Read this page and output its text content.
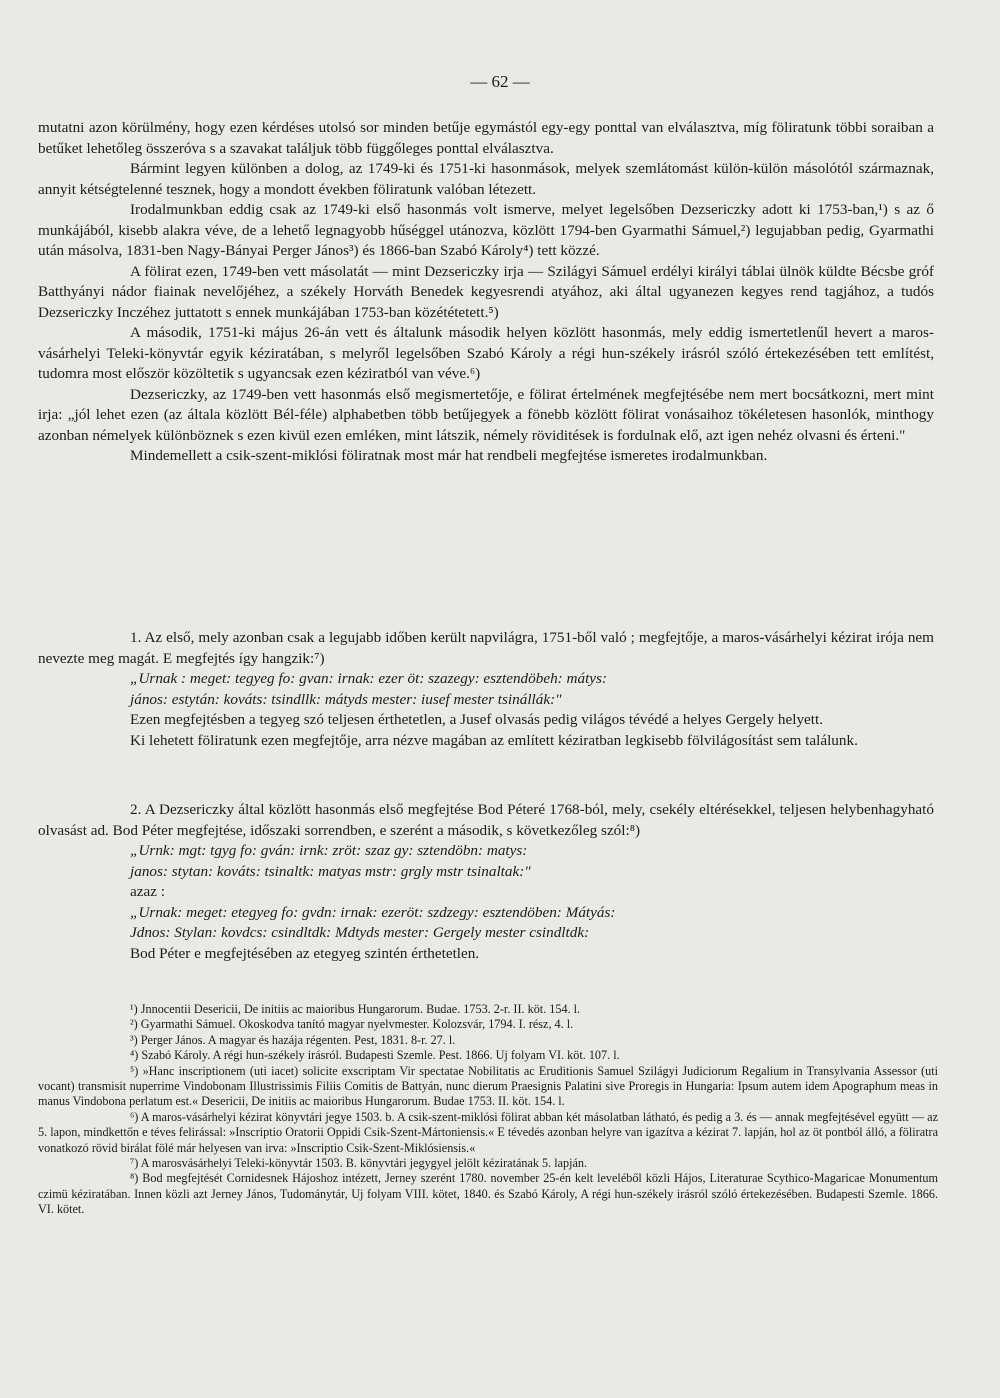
— 62 —

mutatni azon körülmény, hogy ezen kérdéses utolsó sor minden betűje egymástól egy-egy ponttal van elválasztva, míg föliratunk többi soraiban a betűket lehetőleg összeróva s a szavakat találjuk több függőleges ponttal elválasztva.

Bármint legyen különben a dolog, az 1749-ki és 1751-ki hasonmások, melyek szemlátomást külön-külön másolótól származnak, annyit kétségtelenné tesznek, hogy a mondott években föliratunk valóban létezett.

Irodalmunkban eddig csak az 1749-ki első hasonmás volt ismerve, melyet legelsőben Dezsericzky adott ki 1753-ban,¹) s az ő munkájából, kisebb alakra véve, de a lehető legnagyobb hűséggel utánozva, közlött 1794-ben Gyarmathi Sámuel,²) legujabban pedig, Gyarmathi után másolva, 1831-ben Nagy-Bányai Perger János³) és 1866-ban Szabó Károly⁴) tett közzé.

A fölirat ezen, 1749-ben vett másolatát — mint Dezsericzky irja — Szilágyi Sámuel erdélyi királyi táblai ülnök küldte Bécsbe gróf Batthyányi nádor fiainak nevelőjéhez, a székely Horváth Benedek kegyesrendi atyához, aki által ugyanezen kegyes rend tagjához, a tudós Dezsericzky Inczéhez juttatott s ennek munkájában 1753-ban közététetett.⁵)

A második, 1751-ki május 26-án vett és általunk második helyen közlött hasonmás, mely eddig ismertetlenűl hevert a maros-vásárhelyi Teleki-könyvtár egyik kéziratában, s melyről legelsőben Szabó Károly a régi hun-székely irásról szóló értekezésében tett említést, tudomra most először közöltetik s ugyancsak ezen kéziratból van véve.⁶)

Dezsericzky, az 1749-ben vett hasonmás első megismertetője, e fölirat értelmének megfejtésébe nem mert bocsátkozni, mert mint irja: „jól lehet ezen (az általa közlött Bél-féle) alphabetben több betűjegyek a fönebb közlött fölirat vonásaihoz tökéletesen hasonlók, minthogy azonban némelyek különböznek s ezen kivül ezen emléken, mint látszik, némely röviditések is fordulnak elő, azt igen nehéz olvasni és érteni."

Mindemellett a csik-szent-miklósi föliratnak most már hat rendbeli megfejtése ismeretes irodalmunkban.

1. Az első, mely azonban csak a legujabb időben került napvilágra, 1751-ből való ; megfejtője, a maros-vásárhelyi kézirat irója nem nevezte meg magát. E megfejtés így hangzik:⁷)

„Urnak : meget: tegyeg fo: gvan: irnak: ezer öt: szazegy: esztendöbeh: mátys:

jános: estytán: kováts: tsindllk: mátyds mester: iusef mester tsinállák:"

Ezen megfejtésben a tegyeg szó teljesen érthetetlen, a Jusef olvasás pedig világos tévédé a helyes Gergely helyett.

Ki lehetett föliratunk ezen megfejtője, arra nézve magában az említett kéziratban legkisebb fölvilágosítást sem találunk.

2. A Dezsericzky által közlött hasonmás első megfejtése Bod Péteré 1768-ból, mely, csekély eltérésekkel, teljesen helybenhagyható olvasást ad. Bod Péter megfejtése, időszaki sorrendben, e szerént a második, s következőleg szól:⁸)

„Urnk: mgt: tgyg fo: gván: irnk: zröt: szaz gy: sztendöbn: matys:

janos: stytan: kováts: tsinaltk: matyas mstr: grgly mstr tsinaltak:"

azaz :

„Urnak: meget: etegyeg fo: gvdn: irnak: ezeröt: szdzegy: esztendöben: Mátyás:

Jdnos: Stylan: kovdcs: csindltdk: Mdtyds mester: Gergely mester csindltdk:

Bod Péter e megfejtésében az etegyeg szintén érthetetlen.

¹) Jnnocentii Desericii, De initiis ac maioribus Hungarorum. Budae. 1753. 2-r. II. köt. 154. l.

²) Gyarmathi Sámuel. Okoskodva tanító magyar nyelvmester. Kolozsvár, 1794. I. rész, 4. l.

³) Perger János. A magyar és hazája régenten. Pest, 1831. 8-r. 27. l.

⁴) Szabó Károly. A régi hun-székely irásról. Budapesti Szemle. Pest. 1866. Uj folyam VI. köt. 107. l.

⁵) »Hanc inscriptionem (uti iacet) solicite exscriptam Vir spectatae Nobilitatis ac Eruditionis Samuel Szilágyi Judiciorum Regalium in Transylvania Assessor (uti vocant) transmisit nuperrime Vindobonam Illustrissimis Filiis Comitis de Battyán, nunc dierum Praesignis Palatini sive Proregis in Hungaria: Ipsum autem idem Apographum meas in manus Vindobona perlatum est.« Desericii, De initiis ac maioribus Hungarorum. Budae 1753. II. köt. 154. l.

⁶) A maros-vásárhelyi kézirat könyvtári jegye 1503. b. A csik-szent-miklósi fölirat abban két másolatban látható, és pedig a 3. és — annak megfejtésével együtt — az 5. lapon, mindkettőn e téves felirással: »Inscriptio Oratorii Oppidi Csik-Szent-Mártoniensis.« E tévedés azonban helyre van igazítva a kézirat 7. lapján, hol az öt pontból álló, a föliratra vonatkozó rövid birálat fölé már helyesen van irva: »Inscriptio Csik-Szent-Miklósiensis.«

⁷) A marosvásárhelyi Teleki-könyvtár 1503. B. könyvtári jegygyel jelölt kéziratának 5. lapján.

⁸) Bod megfejtését Cornidesnek Hájoshoz intézett, Jerney szerént 1780. november 25-én kelt leveléből közli Hájos, Literaturae Scythico-Magaricae Monumentum czimü kéziratában. Innen közli azt Jerney János, Tudománytár, Uj folyam VIII. kötet, 1840. és Szabó Károly, A régi hun-székely irásról szóló értekezésében. Budapesti Szemle. 1866. VI. kötet.
